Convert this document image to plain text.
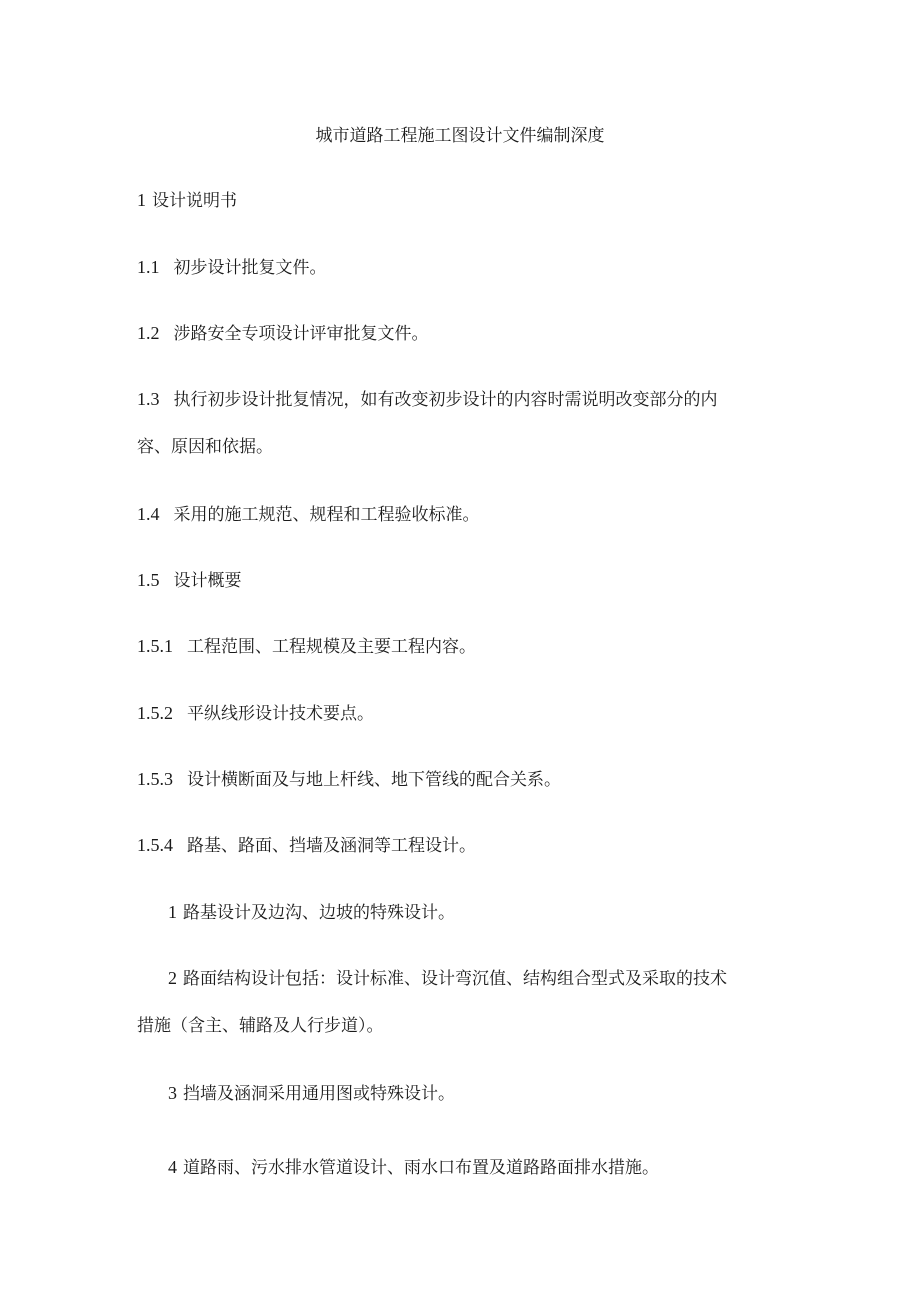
城市道路工程施工图设计文件编制深度
1 设计说明书
1.1 初步设计批复文件。
1.2 涉路安全专项设计评审批复文件。
1.3 执行初步设计批复情况，如有改变初步设计的内容时需说明改变部分的内
容、原因和依据。
1.4 采用的施工规范、规程和工程验收标准。
1.5 设计概要
1.5.1 工程范围、工程规模及主要工程内容。
1.5.2 平纵线形设计技术要点。
1.5.3 设计横断面及与地上杆线、地下管线的配合关系。
1.5.4 路基、路面、挡墙及涵洞等工程设计。
1 路基设计及边沟、边坡的特殊设计。
2 路面结构设计包括：设计标准、设计弯沉值、结构组合型式及采取的技术
措施（含主、辅路及人行步道）。
3 挡墙及涵洞采用通用图或特殊设计。
4 道路雨、污水排水管道设计、雨水口布置及道路路面排水措施。
